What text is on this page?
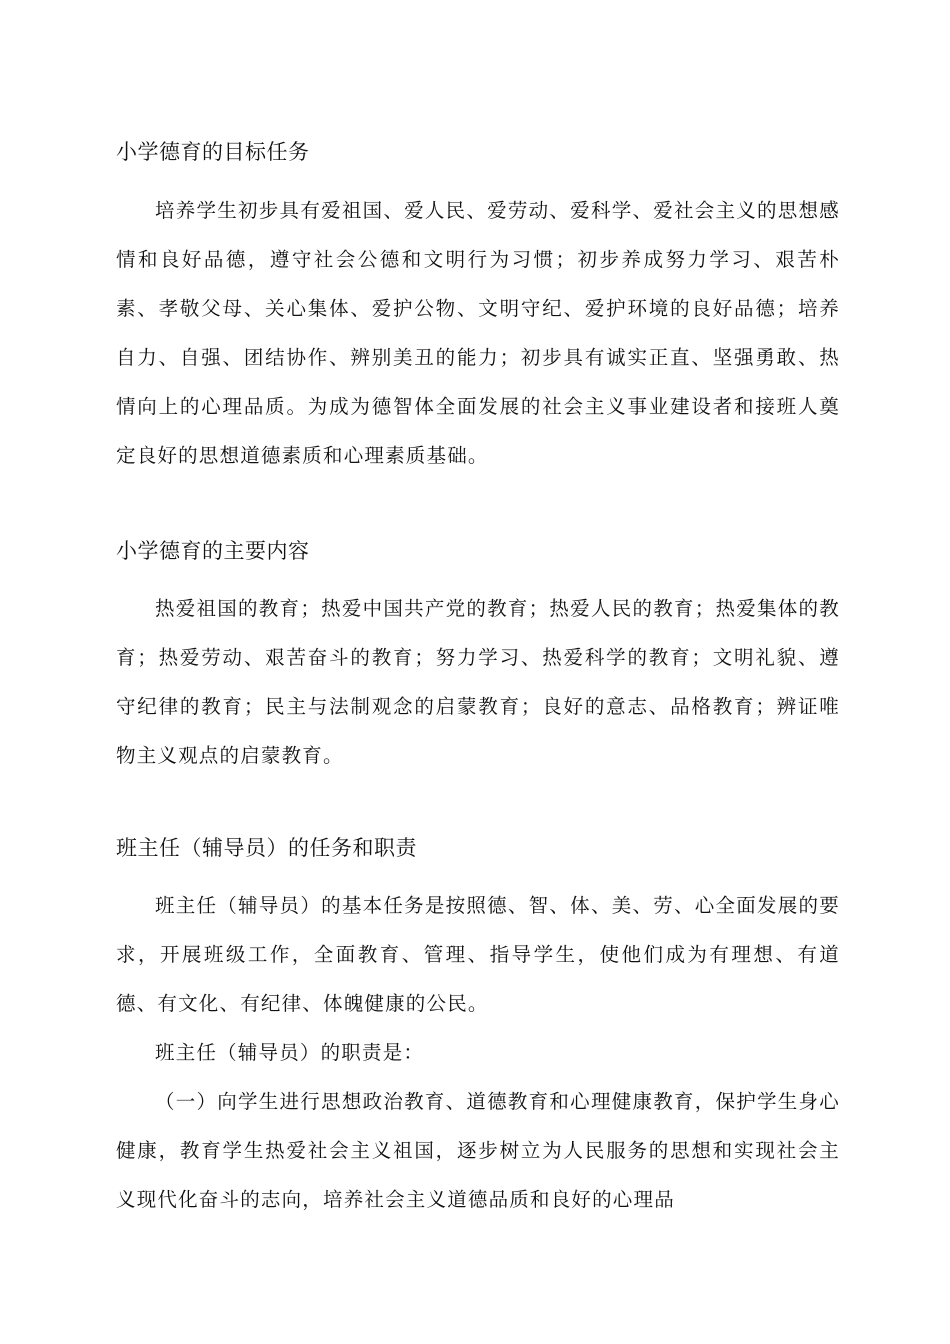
小学德育的目标任务

培养学生初步具有爱祖国、爱人民、爱劳动、爱科学、爱社会主义的思想感情和良好品德，遵守社会公德和文明行为习惯；初步养成努力学习、艰苦朴素、孝敬父母、关心集体、爱护公物、文明守纪、爱护环境的良好品德；培养自力、自强、团结协作、辨别美丑的能力；初步具有诚实正直、坚强勇敢、热情向上的心理品质。为成为德智体全面发展的社会主义事业建设者和接班人奠定良好的思想道德素质和心理素质基础。

小学德育的主要内容

热爱祖国的教育；热爱中国共产党的教育；热爱人民的教育；热爱集体的教育；热爱劳动、艰苦奋斗的教育；努力学习、热爱科学的教育；文明礼貌、遵守纪律的教育；民主与法制观念的启蒙教育；良好的意志、品格教育；辨证唯物主义观点的启蒙教育。

班主任（辅导员）的任务和职责

班主任（辅导员）的基本任务是按照德、智、体、美、劳、心全面发展的要求，开展班级工作，全面教育、管理、指导学生，使他们成为有理想、有道德、有文化、有纪律、体魄健康的公民。

班主任（辅导员）的职责是：

（一）向学生进行思想政治教育、道德教育和心理健康教育，保护学生身心健康，教育学生热爱社会主义祖国，逐步树立为人民服务的思想和实现社会主义现代化奋斗的志向，培养社会主义道德品质和良好的心理品
